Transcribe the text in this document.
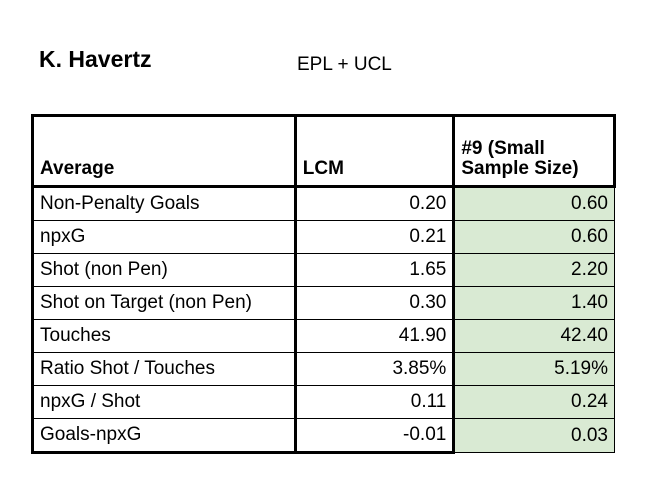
K. Havertz	EPL + UCL
Average	LCM	#9 (Small Sample Size)
Non-Penalty Goals	0.20	0.60
npxG	0.21	0.60
Shot (non Pen)	1.65	2.20
Shot on Target (non Pen)	0.30	1.40
Touches	41.90	42.40
Ratio Shot / Touches	3.85%	5.19%
npxG / Shot	0.11	0.24
Goals-npxG	-0.01	0.03
